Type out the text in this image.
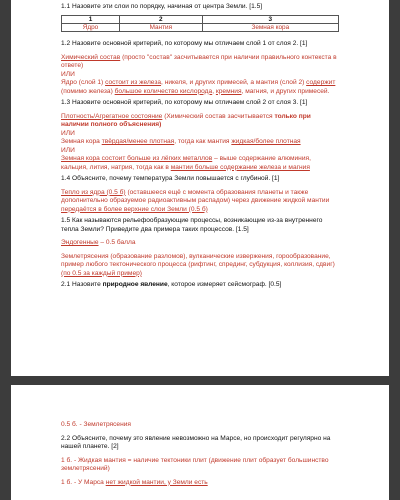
1.1 Назовите эти слои по порядку, начиная от центра Земли. [1.5]
1	2	3
Ядро	Мантия	Земная кора
1.2 Назовите основной критерий, по которому мы отличаем слой 1 от слоя 2. [1]
Химический состав (просто "состав" засчитывается при наличии правильного контекста в ответе)
ИЛИ
Ядро (слой 1) состоит из железа, никеля, и других примесей, а мантия (слой 2) содержит (помимо железа) большое количество кислорода, кремния, магния, и других примесей.
1.3 Назовите основной критерий, по которому мы отличаем слой 2 от слоя 3. [1]
Плотность/Агрегатное состояние (Химический состав засчитывается только при наличии полного объяснения)
ИЛИ
Земная кора твёрдая/менее плотная, тогда как мантия жидкая/более плотная
ИЛИ
Земная кора состоит больше из лёгких металлов – выше содержание алюминия, кальция, лития, натрия, тогда как в мантии больше содержание железа и магния
1.4 Объясните, почему температура Земли повышается с глубиной. [1]
Тепло из ядра (0.5 б) (оставшееся ещё с момента образования планеты и также дополнительно образуемое радиоактивным распадом) через движение жидкой мантии передаётся в более верхние слои Земли (0.5 б)
1.5 Как называются рельефообразующие процессы, возникающие из-за внутреннего тепла Земли? Приведите два примера таких процессов. [1.5]
Эндогенные – 0.5 балла
Землетрясения (образование разломов), вулканические извержения, горообразование, пример любого тектонического процесса (рифтинг, спрединг, субдукция, коллизия, сдвиг) (по 0.5 за каждый пример)
2.1 Назовите природное явление, которое измеряет сейсмограф. [0.5]
0.5 б. - Землетрясения
2.2 Объясните, почему это явление невозможно на Марсе, но происходит регулярно на нашей планете. [2]
1 б. - Жидкая мантия = наличие тектоники плит (движение плит образует большинство землетрясений)
1 б. - У Марса нет жидкой мантии, у Земли есть
